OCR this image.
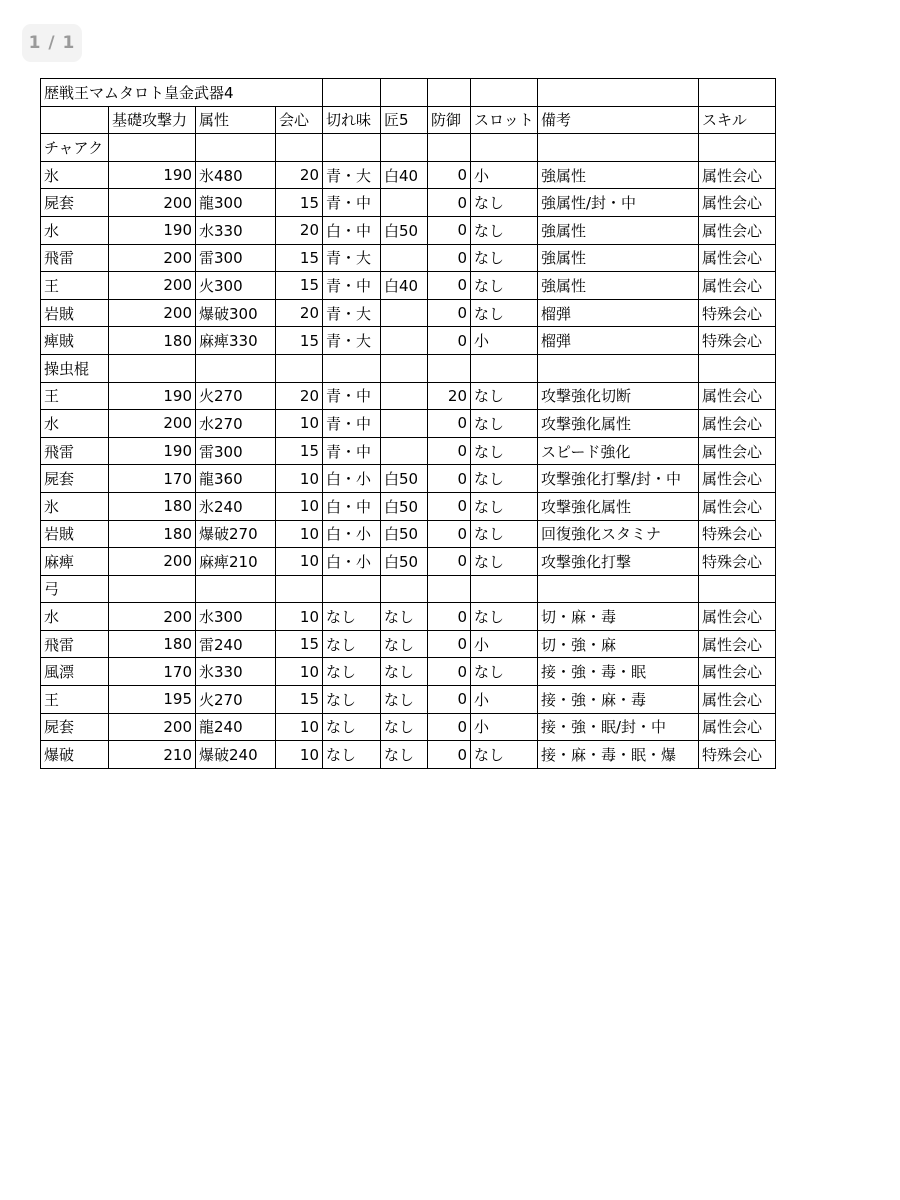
1 / 1
歴戦王マムタロト皇金武器4									
	基礎攻撃力	属性	会心	切れ味	匠5	防御	スロット	備考	スキル
チャアク									
氷	190	氷480	20	青・大	白40	0	小	強属性	属性会心
屍套	200	龍300	15	青・中		0	なし	強属性/封・中	属性会心
水	190	水330	20	白・中	白50	0	なし	強属性	属性会心
飛雷	200	雷300	15	青・大		0	なし	強属性	属性会心
王	200	火300	15	青・中	白40	0	なし	強属性	属性会心
岩賊	200	爆破300	20	青・大		0	なし	榴弾	特殊会心
痺賊	180	麻痺330	15	青・大		0	小	榴弾	特殊会心
操虫棍									
王	190	火270	20	青・中		20	なし	攻撃強化切断	属性会心
水	200	水270	10	青・中		0	なし	攻撃強化属性	属性会心
飛雷	190	雷300	15	青・中		0	なし	スピード強化	属性会心
屍套	170	龍360	10	白・小	白50	0	なし	攻撃強化打撃/封・中	属性会心
氷	180	氷240	10	白・中	白50	0	なし	攻撃強化属性	属性会心
岩賊	180	爆破270	10	白・小	白50	0	なし	回復強化スタミナ	特殊会心
麻痺	200	麻痺210	10	白・小	白50	0	なし	攻撃強化打撃	特殊会心
弓									
水	200	水300	10	なし	なし	0	なし	切・麻・毒	属性会心
飛雷	180	雷240	15	なし	なし	0	小	切・強・麻	属性会心
風漂	170	氷330	10	なし	なし	0	なし	接・強・毒・眠	属性会心
王	195	火270	15	なし	なし	0	小	接・強・麻・毒	属性会心
屍套	200	龍240	10	なし	なし	0	小	接・強・眠/封・中	属性会心
爆破	210	爆破240	10	なし	なし	0	なし	接・麻・毒・眠・爆	特殊会心
